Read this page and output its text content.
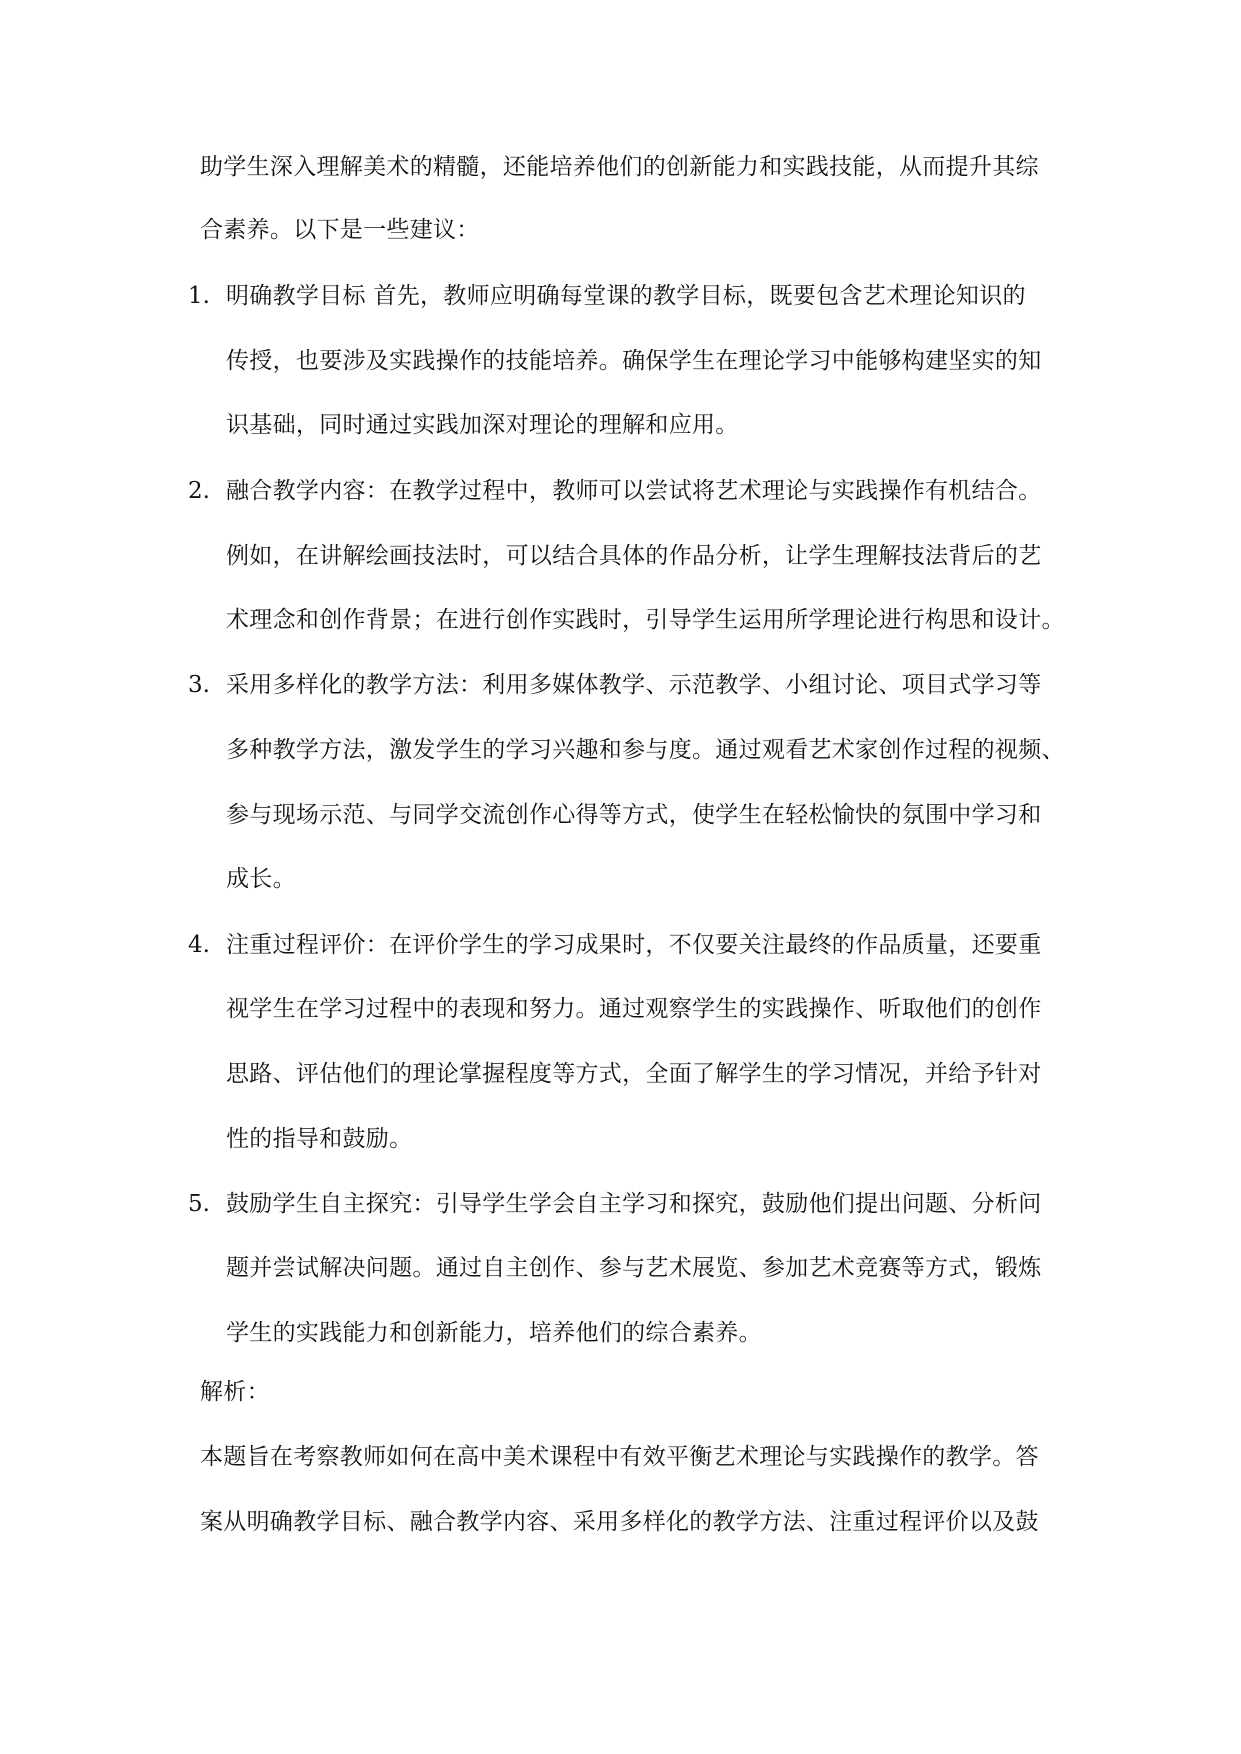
助学生深入理解美术的精髓，还能培养他们的创新能力和实践技能，从而提升其综
合素养。以下是一些建议：
1. 明确教学目标 首先，教师应明确每堂课的教学目标，既要包含艺术理论知识的
传授，也要涉及实践操作的技能培养。确保学生在理论学习中能够构建坚实的知
识基础，同时通过实践加深对理论的理解和应用。
2. 融合教学内容：在教学过程中，教师可以尝试将艺术理论与实践操作有机结合。
例如，在讲解绘画技法时，可以结合具体的作品分析，让学生理解技法背后的艺
术理念和创作背景；在进行创作实践时，引导学生运用所学理论进行构思和设计。
3. 采用多样化的教学方法：利用多媒体教学、示范教学、小组讨论、项目式学习等
多种教学方法，激发学生的学习兴趣和参与度。通过观看艺术家创作过程的视频、
参与现场示范、与同学交流创作心得等方式，使学生在轻松愉快的氛围中学习和
成长。
4. 注重过程评价：在评价学生的学习成果时，不仅要关注最终的作品质量，还要重
视学生在学习过程中的表现和努力。通过观察学生的实践操作、听取他们的创作
思路、评估他们的理论掌握程度等方式，全面了解学生的学习情况，并给予针对
性的指导和鼓励。
5. 鼓励学生自主探究：引导学生学会自主学习和探究，鼓励他们提出问题、分析问
题并尝试解决问题。通过自主创作、参与艺术展览、参加艺术竞赛等方式，锻炼
学生的实践能力和创新能力，培养他们的综合素养。
解析：
本题旨在考察教师如何在高中美术课程中有效平衡艺术理论与实践操作的教学。答
案从明确教学目标、融合教学内容、采用多样化的教学方法、注重过程评价以及鼓
